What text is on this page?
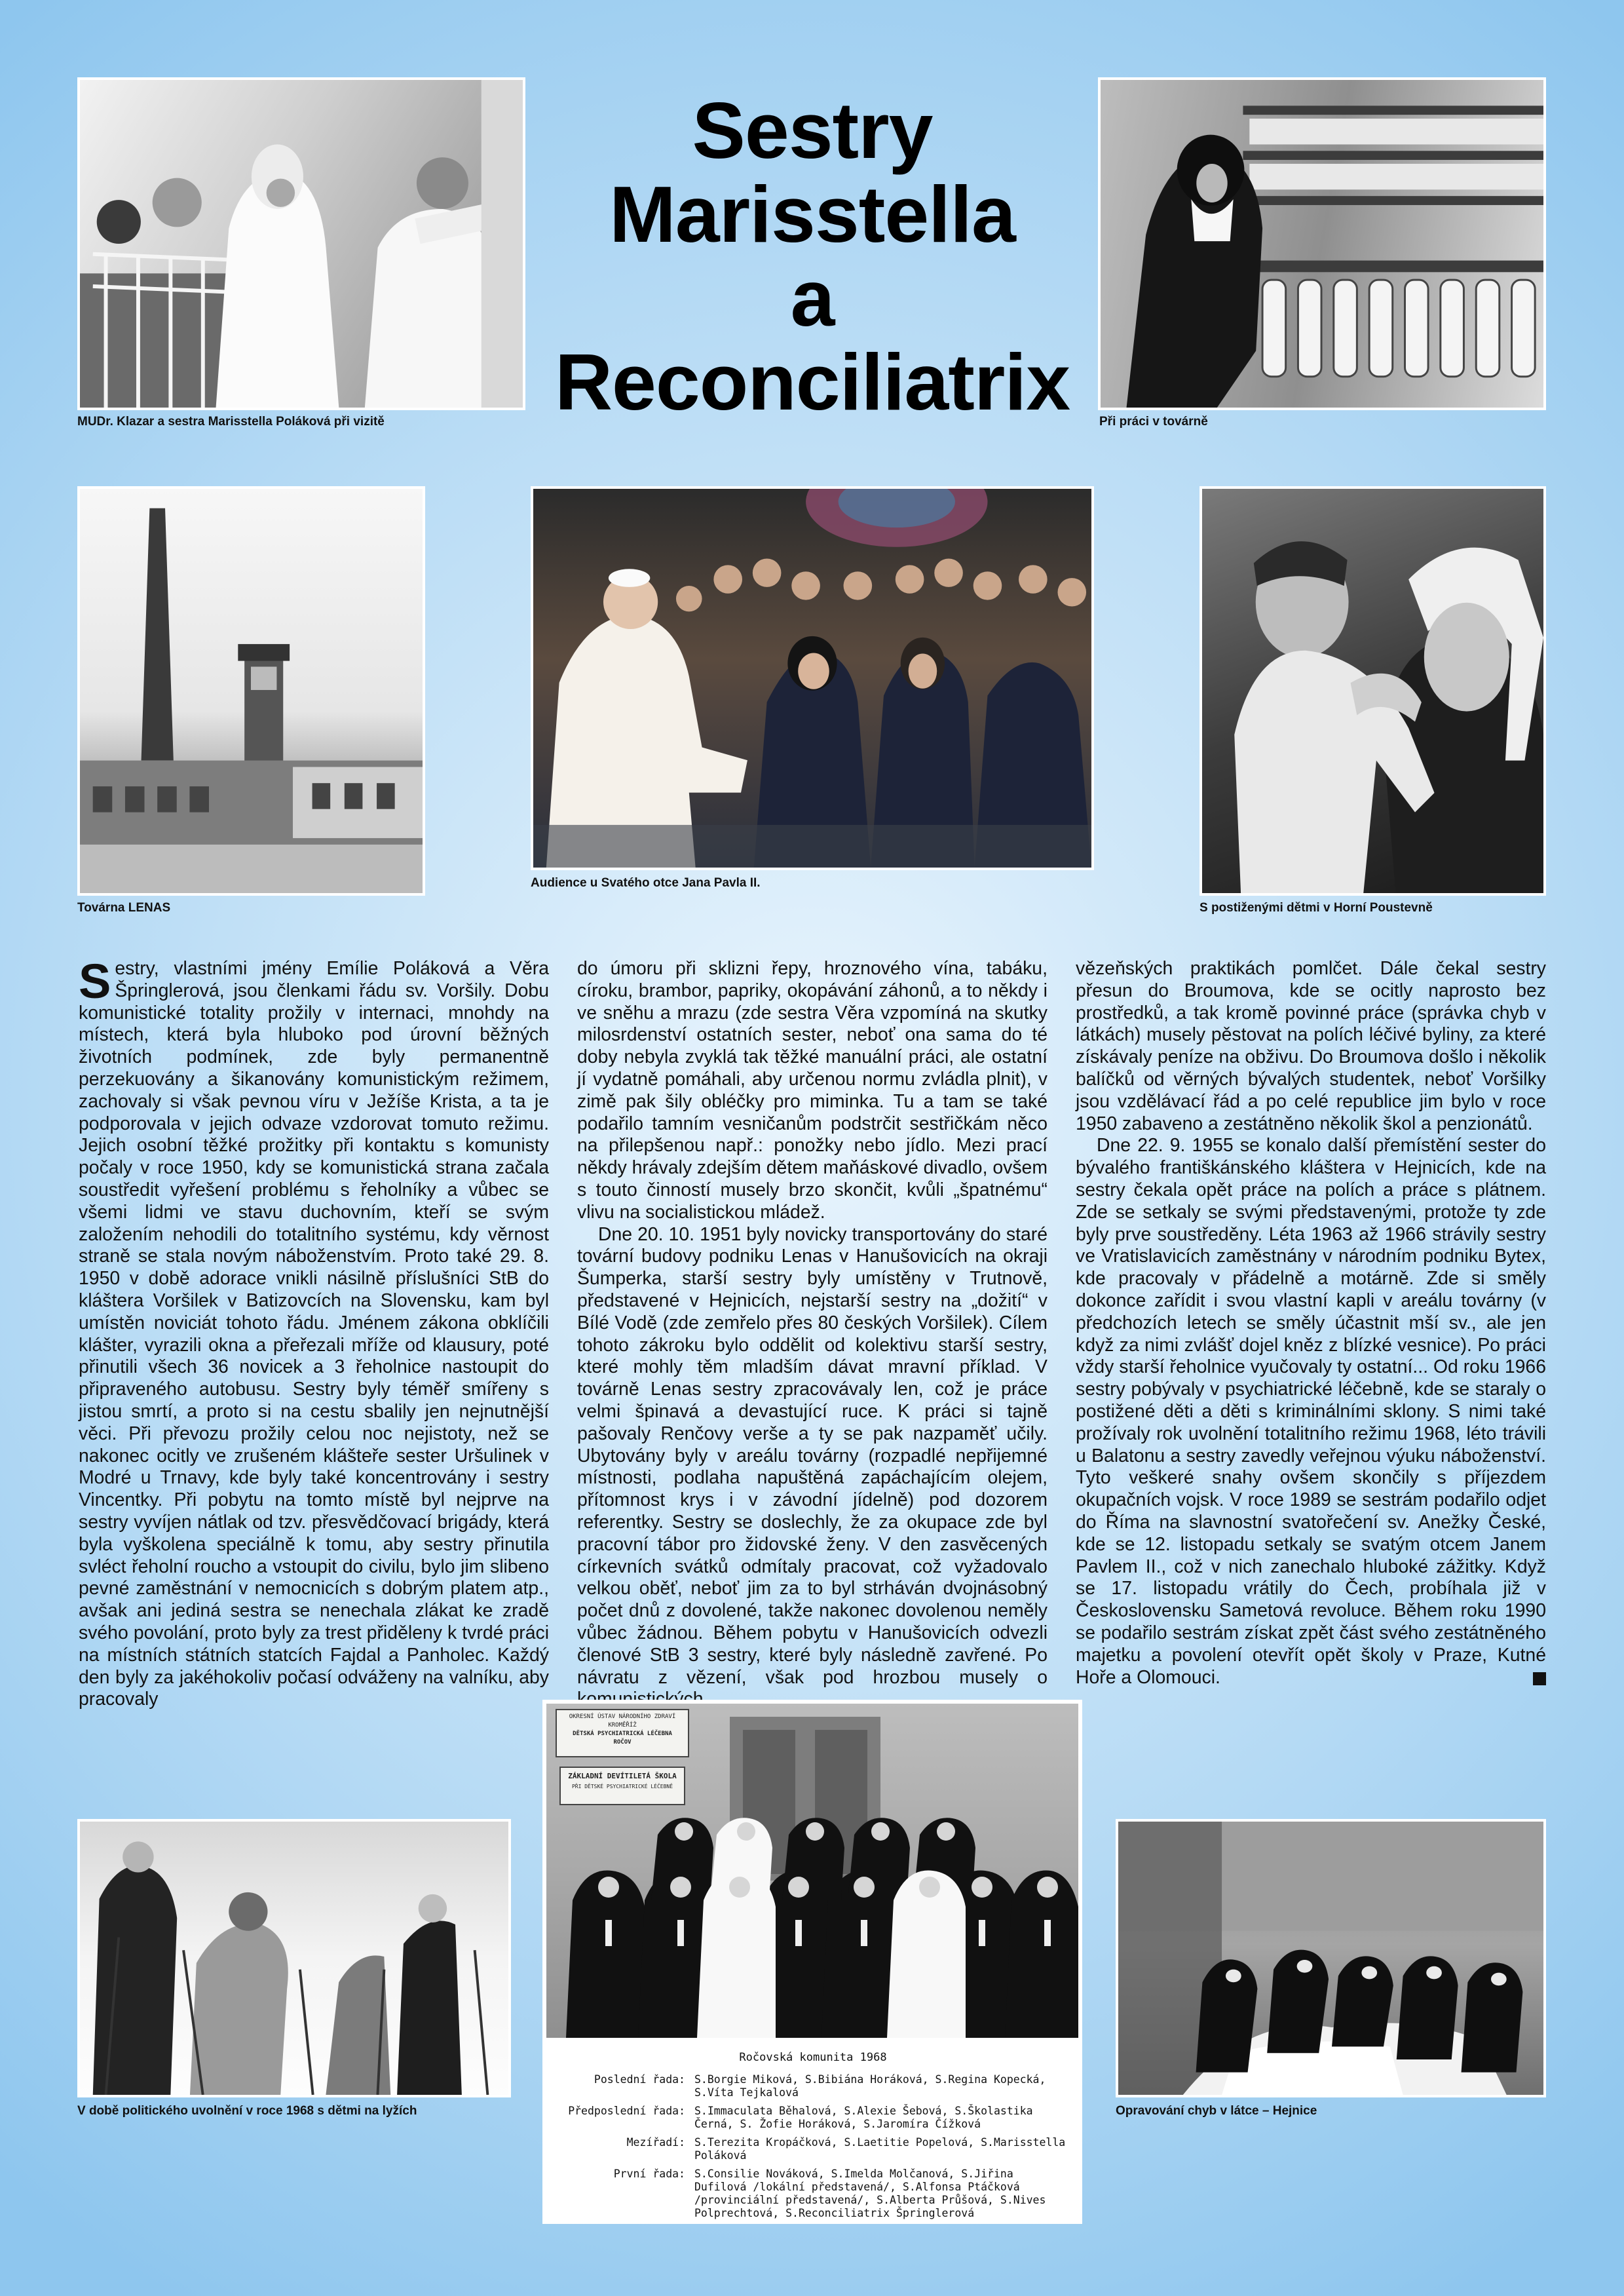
Sestry
Marisstella
a
Reconciliatrix
MUDr. Klazar a sestra Marisstella Poláková při vizitě	Při práci v továrně
Továrna LENAS
Audience u Svatého otce Jana Pavla II.
S postiženými dětmi v Horní Poustevně

Sestry, vlastními jmény Emílie Poláková a Věra Špringlerová, jsou členkami řádu sv. Voršily. Dobu komunistické totality prožily v internaci, mnohdy na místech, která byla hluboko pod úrovní běžných životních podmínek, zde byly permanentně perzekuovány a šikanovány komunistickým režimem, zachovaly si však pevnou víru v Ježíše Krista, a ta je podporovala v jejich odvaze vzdorovat tomuto režimu. Jejich osobní těžké prožitky při kontaktu s komunisty počaly v roce 1950, kdy se komunistická strana začala soustředit vyřešení problému s řeholníky a vůbec se všemi lidmi ve stavu duchovním, kteří se svým založením nehodili do totalitního systému, kdy věrnost straně se stala novým náboženstvím. Proto také 29. 8. 1950 v době adorace vnikli násilně příslušníci StB do kláštera Voršilek v Batizovcích na Slovensku, kam byl umístěn noviciát tohoto řádu. Jménem zákona obklíčili klášter, vyrazili okna a přeřezali mříže od klausury, poté přinutili všech 36 novicek a 3 řeholnice nastoupit do připraveného autobusu. Sestry byly téměř smířeny s jistou smrtí, a proto si na cestu sbalily jen nejnutnější věci. Při převozu prožily celou noc nejistoty, než se nakonec ocitly ve zrušeném klášteře sester Uršulinek v Modré u Trnavy, kde byly také koncentrovány i sestry Vincentky. Při pobytu na tomto místě byl nejprve na sestry vyvíjen nátlak od tzv. přesvědčovací brigády, která byla vyškolena speciálně k tomu, aby sestry přinutila svléct řeholní roucho a vstoupit do civilu, bylo jim slibeno pevné zaměstnání v nemocnicích s dobrým platem atp., avšak ani jediná sestra se nenechala zlákat ke zradě svého povolání, proto byly za trest přiděleny k tvrdé práci na místních státních statcích Fajdal a Panholec. Každý den byly za jakéhokoliv počasí odváženy na valníku, aby pracovaly

do úmoru při sklizni řepy, hroznového vína, tabáku, círoku, brambor, papriky, okopávání záhonů, a to někdy i ve sněhu a mrazu (zde sestra Věra vzpomíná na skutky milosrdenství ostatních sester, neboť ona sama do té doby nebyla zvyklá tak těžké manuální práci, ale ostatní jí vydatně pomáhali, aby určenou normu zvládla plnit), v zimě pak šily obléčky pro miminka. Tu a tam se také podařilo tamním vesničanům podstrčit sestřičkám něco na přilepšenou např.: ponožky nebo jídlo. Mezi prací někdy hrávaly zdejším dětem maňáskové divadlo, ovšem s touto činností musely brzo skončit, kvůli „špatnému“ vlivu na socialistickou mládež.

Dne 20. 10. 1951 byly novicky transportovány do staré tovární budovy podniku Lenas v Hanušovicích na okraji Šumperka, starší sestry byly umístěny v Trutnově, představené v Hejnicích, nejstarší sestry na „dožití“ v Bílé Vodě (zde zemřelo přes 80 českých Voršilek). Cílem tohoto zákroku bylo oddělit od kolektivu starší sestry, které mohly těm mladším dávat mravní příklad. V továrně Lenas sestry zpracovávaly len, což je práce velmi špinavá a devastující ruce. K práci si tajně pašovaly Renčovy verše a ty se pak nazpaměť učily. Ubytovány byly v areálu továrny (rozpadlé nepřijemné místnosti, podlaha napuštěná zapáchajícím olejem, přítomnost krys i v závodní jídelně) pod dozorem referentky. Sestry se doslechly, že za okupace zde byl pracovní tábor pro židovské ženy. V den zasvěcených církevních svátků odmítaly pracovat, což vyžadovalo velkou oběť, neboť jim za to byl strháván dvojnásobný počet dnů z dovolené, takže nakonec dovolenou neměly vůbec žádnou. Během pobytu v Hanušovicích odvezli členové StB 3 sestry, které byly následně zavřené. Po návratu z vězení, však pod hrozbou musely o

vězeňských praktikách pomlčet. Dále čekal sestry přesun do Broumova, kde se ocitly naprosto bez prostředků, a tak kromě povinné práce (správka chyb v látkách) musely pěstovat na polích léčivé byliny, za které získávaly peníze na obživu. Do Broumova došlo i několik balíčků od věrných bývalých studentek, neboť Voršilky jsou vzdělávací řád a po celé republice jim bylo v roce 1950 zabaveno a zestátněno několik škol a penzionátů.

Dne 22. 9. 1955 se konalo další přemístění sester do bývalého františkánského kláštera v Hejnicích, kde na sestry čekala opět práce na polích a práce s plátnem. Zde se setkaly se svými představenými, protože ty zde byly prve soustředěny. Léta 1963 až 1966 strávily sestry ve Vratislavicích zaměstnány v národním podniku Bytex, kde pracovaly v přádelně a motárně. Zde si směly dokonce zařídit i svou vlastní kapli v areálu továrny (v předchozích letech se směly účastnit mší sv., ale jen když za nimi zvlášť dojel kněz z blízké vesnice). Po práci vždy starší řeholnice vyučovaly ty ostatní... Od roku 1966 sestry pobývaly v psychiatrické léčebně, kde se staraly o postižené děti a děti s kriminálními sklony. S nimi také prožívaly rok uvolnění totalitního režimu 1968, léto trávili u Balatonu a sestry zavedly veřejnou výuku náboženství. Tyto veškeré snahy ovšem skončily s příjezdem okupačních vojsk. V roce 1989 se sestrám podařilo odjet do Říma na slavnostní svatořečení sv. Anežky České, kde se 12. listopadu setkaly se svatým otcem Janem Pavlem II., což v nich zanechalo hluboké zážitky. Když se 17. listopadu vrátily do Čech, probíhala již v Československu Sametová revoluce. Během roku 1990 se podařilo sestrám získat zpět část svého zestátněného majetku a povolení otevřít opět školy v Praze, Kutné Hoře a Olomouci.

V době politického uvolnění v roce 1968 s dětmi na lyžích
OKRESNÍ ÚSTAV NÁRODNÍHO ZDRAVÍ KROMĚŘÍŽ
DĚTSKÁ PSYCHIATRICKÁ LÉČEBNA
ROČOV
ZÁKLADNÍ DEVÍTILETÁ ŠKOLA
PŘI DĚTSKÉ PSYCHIATRICKÉ LÉČEBNĚ
Ročovská komunita 1968
Poslední řada: S.Borgie Miková, S.Bibiána Horáková, S.Regina Kopecká, S.Víta Tejkalová
Předposlední řada: S.Immaculata Běhalová, S.Alexie Šebová, S.Školastika Černá, S. Žofie Horáková, S.Jaromíra Čížková
Mezířadí: S.Terezita Kropáčková, S.Laetitie Popelová, S.Marisstella Poláková
První řada: S.Consilie Nováková, S.Imelda Molčanová, S.Jiřina Dufilová /lokální představená/, S.Alfonsa Ptáčková /provinciální představená/, S.Alberta Průšová, S.Nives Polprechtová, S.Reconciliatrix Špringlerová
Opravování chyb v látce – Hejnice
